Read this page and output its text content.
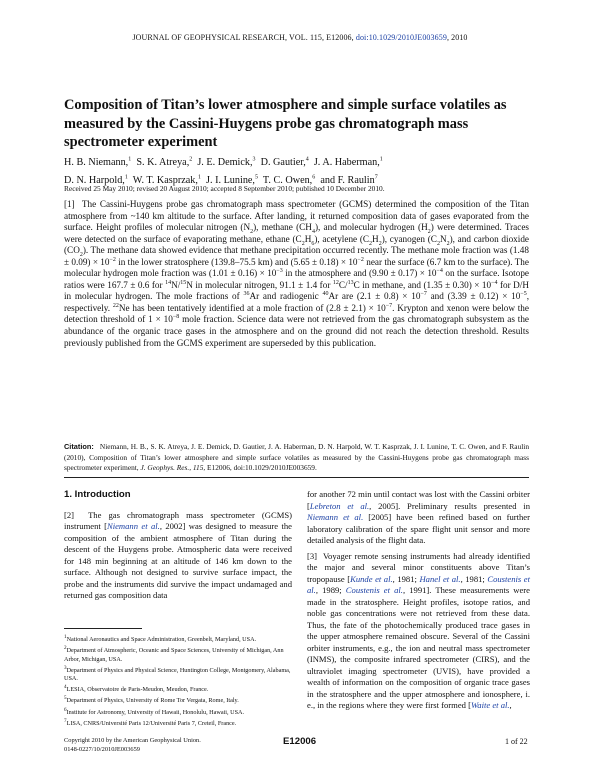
JOURNAL OF GEOPHYSICAL RESEARCH, VOL. 115, E12006, doi:10.1029/2010JE003659, 2010
Composition of Titan’s lower atmosphere and simple surface volatiles as measured by the Cassini-Huygens probe gas chromatograph mass spectrometer experiment
H. B. Niemann,$^1$ S. K. Atreya,$^2$ J. E. Demick,$^3$ D. Gautier,$^4$ J. A. Haberman,$^1$
D. N. Harpold,$^1$ W. T. Kasprzak,$^1$ J. I. Lunine,$^5$ T. C. Owen,$^6$ and F. Raulin$^7$
Received 25 May 2010; revised 20 August 2010; accepted 8 September 2010; published 10 December 2010.

[1] The Cassini-Huygens probe gas chromatograph mass spectrometer (GCMS) determined the composition of the Titan atmosphere from ~140 km altitude to the surface. After landing, it returned composition data of gases evaporated from the surface. Height profiles of molecular nitrogen $(N_2)$, methane $(CH_4)$, and molecular hydrogen $(H_2)$ were determined. Traces were detected on the surface of evaporating methane, ethane $(C_2H_6)$, acetylene $(C_2H_2)$, cyanogen $(C_2N_2)$, and carbon dioxide $(CO_2)$. The methane data showed evidence that methane precipitation occurred recently. The methane mole fraction was $(1.48 \pm 0.09) \times 10^{-2}$ in the lower stratosphere (139.8–75.5 km) and $(5.65 \pm 0.18) \times 10^{-2}$ near the surface (6.7 km to the surface). The molecular hydrogen mole fraction was $(1.01 \pm 0.16) \times 10^{-3}$ in the atmosphere and $(9.90 \pm 0.17) \times 10^{-4}$ on the surface. Isotope ratios were 167.7 ± 0.6 for $^{14}$N/$^{15}$N in molecular nitrogen, 91.1 ± 1.4 for $^{12}$C/$^{13}$C in methane, and $(1.35 \pm 0.30) \times 10^{-4}$ for D/H in molecular hydrogen. The mole fractions of $^{36}$Ar and radiogenic $^{40}$Ar are $(2.1 \pm 0.8) \times 10^{-7}$ and $(3.39 \pm 0.12) \times 10^{-5}$, respectively. $^{22}$Ne has been tentatively identified at a mole fraction of $(2.8 \pm 2.1) \times 10^{-7}$. Krypton and xenon were below the detection threshold of $1 \times 10^{-8}$ mole fraction. Science data were not retrieved from the gas chromatograph subsystem as the abundance of the organic trace gases in the atmosphere and on the ground did not reach the detection threshold. Results previously published from the GCMS experiment are superseded by this publication.

Citation: Niemann, H. B., S. K. Atreya, J. E. Demick, D. Gautier, J. A. Haberman, D. N. Harpold, W. T. Kasprzak, J. I. Lunine, T. C. Owen, and F. Raulin (2010), Composition of Titan’s lower atmosphere and simple surface volatiles as measured by the Cassini-Huygens probe gas chromatograph mass spectrometer experiment, J. Geophys. Res., 115, E12006, doi:10.1029/2010JE003659.

1. Introduction

[2] The gas chromatograph mass spectrometer (GCMS) instrument [Niemann et al., 2002] was designed to measure the composition of the ambient atmosphere of Titan during the descent of the Huygens probe. Atmospheric data were received for 148 min beginning at an altitude of 146 km down to the surface. Although not designed to survive surface impact, the probe and the instruments did survive the impact undamaged and returned gas composition data

for another 72 min until contact was lost with the Cassini orbiter [Lebreton et al., 2005]. Preliminary results presented in Niemann et al. [2005] have been refined based on further laboratory calibration of the spare flight unit sensor and more detailed analysis of the flight data.

[3] Voyager remote sensing instruments had already identified the major and several minor constituents above Titan’s tropopause [Kunde et al., 1981; Hanel et al., 1981; Coustenis et al., 1989; Coustenis et al., 1991]. These measurements were made in the stratosphere. Height profiles, isotope ratios, and noble gas concentrations were not retrieved from these data. Thus, the fate of the photochemically produced trace gases in the upper atmosphere remained obscure. Several of the Cassini orbiter instruments, e.g., the ion and neutral mass spectrometer (INMS), the composite infrared spectrometer (CIRS), and the ultraviolet imaging spectrometer (UVIS), have provided a wealth of information on the composition of organic trace gases in the stratosphere and the upper atmosphere and ionosphere, i. e., in the regions where they were first formed [Waite et al.,

$^1$National Aeronautics and Space Administration, Greenbelt, Maryland, USA.
$^2$Department of Atmospheric, Oceanic and Space Sciences, University of Michigan, Ann Arbor, Michigan, USA.
$^3$Department of Physics and Physical Science, Huntington College, Montgomery, Alabama, USA.
$^4$LESIA, Observatoire de Paris-Meudon, Meudon, France.
$^5$Department of Physics, University of Rome Tor Vergata, Rome, Italy.
$^6$Institute for Astronomy, University of Hawaii, Honolulu, Hawaii, USA.
$^7$LISA, CNRS/Université Paris 12/Université Paris 7, Creteil, France.
Copyright 2010 by the American Geophysical Union.
0148-0227/10/2010JE003659
E12006	1 of 22
